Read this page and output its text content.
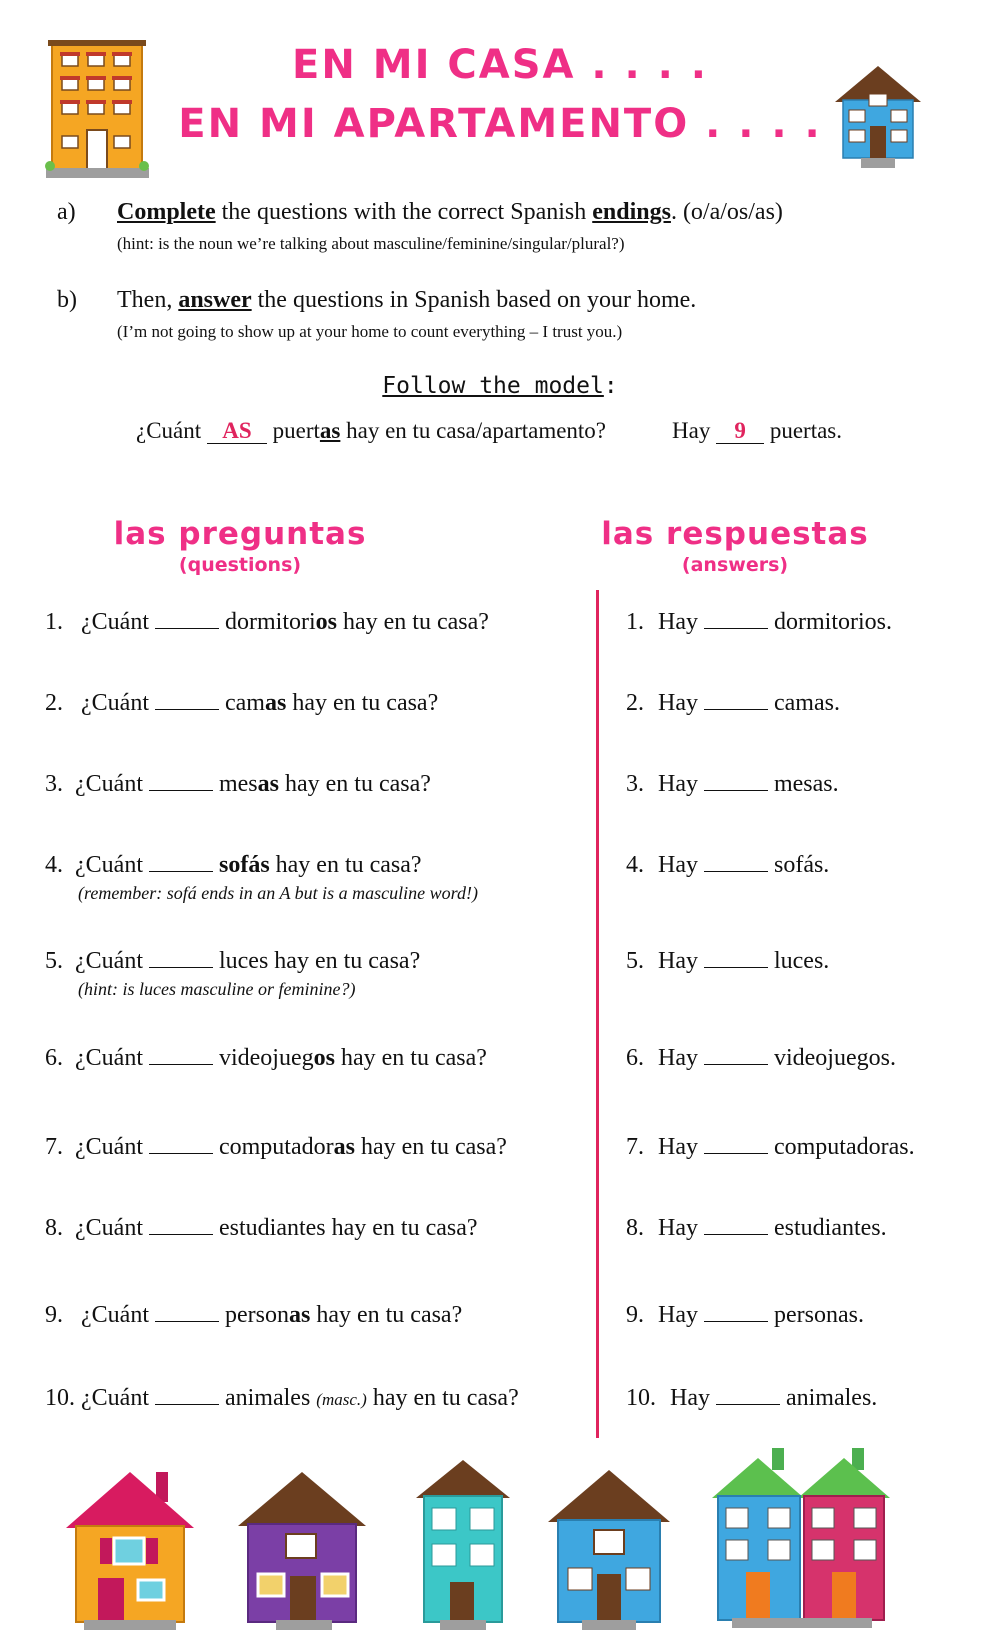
EN MI CASA . . . .
EN MI APARTAMENTO . . . .
a) Complete the questions with the correct Spanish endings. (o/a/os/as)
(hint: is the noun we’re talking about masculine/feminine/singular/plural?)
b) Then, answer the questions in Spanish based on your home.
(I’m not going to show up at your home to count everything – I trust you.)
Follow the model:
¿Cuánt AS puertas hay en tu casa/apartamento?	Hay 9 puertas.
las preguntas
(questions)
las respuestas
(answers)
1. ¿Cuánt	dormitorios hay en tu casa?
2. ¿Cuánt	camas hay en tu casa?
3. ¿Cuánt	mesas hay en tu casa?
4. ¿Cuánt	sofás hay en tu casa?
(remember: sofá ends in an A but is a masculine word!)
5. ¿Cuánt	luces hay en tu casa?
(hint: is luces masculine or feminine?)
6. ¿Cuánt	videojuegos hay en tu casa?
7. ¿Cuánt	computadoras hay en tu casa?
8. ¿Cuánt	estudiantes hay en tu casa?
9. ¿Cuánt	personas hay en tu casa?
10. ¿Cuánt	animales (masc.) hay en tu casa?
1. Hay	dormitorios.
2. Hay	camas.
3. Hay	mesas.
4. Hay	sofás.
5. Hay	luces.
6. Hay	videojuegos.
7. Hay	computadoras.
8. Hay	estudiantes.
9. Hay	personas.
10. Hay	animales.
